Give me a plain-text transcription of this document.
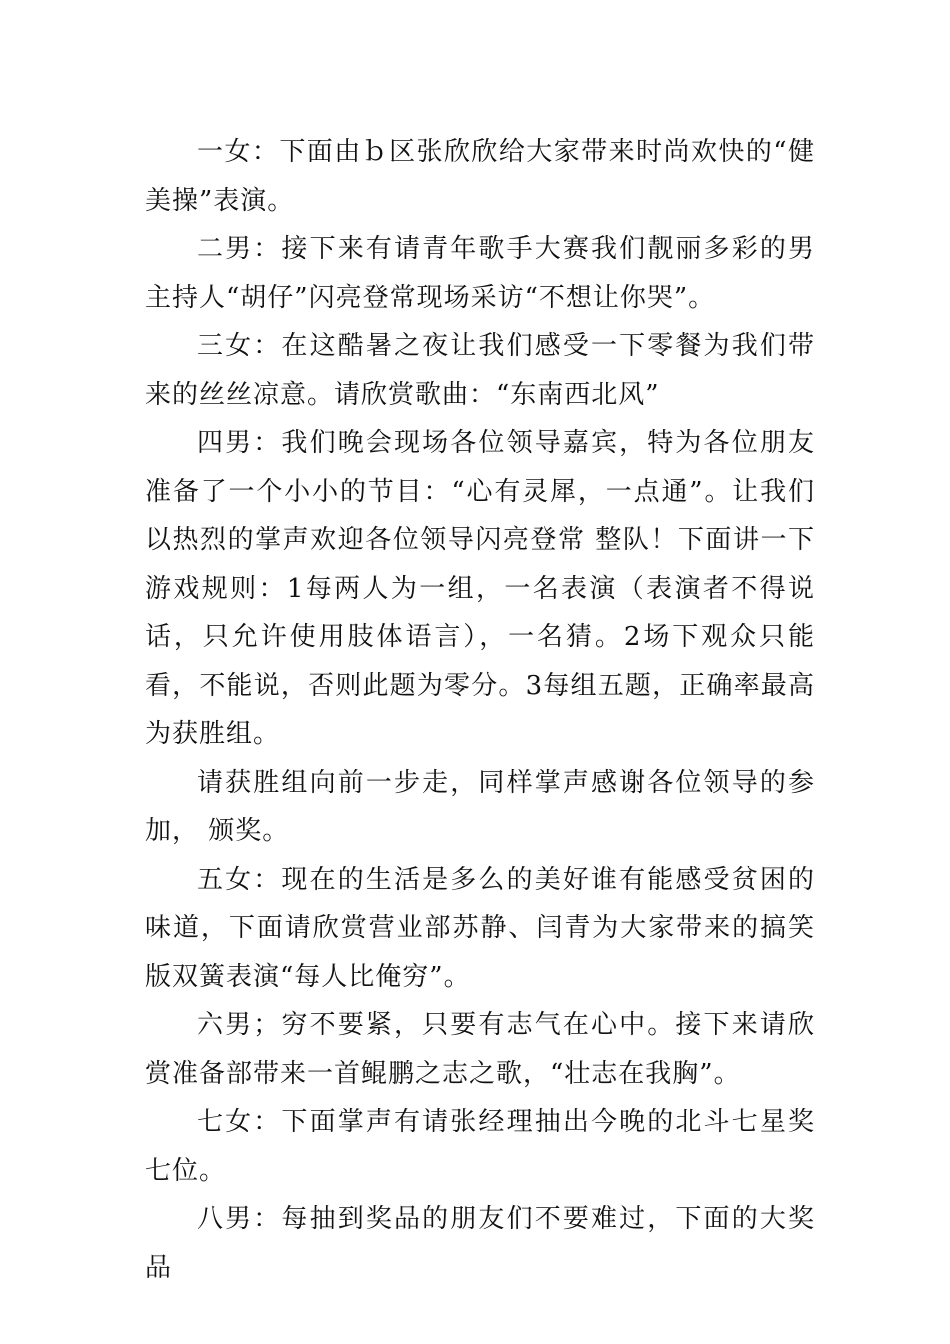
一女：下面由ｂ区张欣欣给大家带来时尚欢快的“健美操”表演。

二男：接下来有请青年歌手大赛我们靓丽多彩的男主持人“胡仔”闪亮登常现场采访“不想让你哭”。

三女：在这酷暑之夜让我们感受一下零餐为我们带来的丝丝凉意。请欣赏歌曲：“东南西北风”

四男：我们晚会现场各位领导嘉宾，特为各位朋友准备了一个小小的节目：“心有灵犀，一点通”。让我们以热烈的掌声欢迎各位领导闪亮登常 整队！下面讲一下游戏规则：1每两人为一组，一名表演（表演者不得说话，只允许使用肢体语言），一名猜。2场下观众只能看，不能说，否则此题为零分。3每组五题，正确率最高为获胜组。

请获胜组向前一步走，同样掌声感谢各位领导的参加， 颁奖。

五女：现在的生活是多么的美好谁有能感受贫困的味道，下面请欣赏营业部苏静、闫青为大家带来的搞笑版双簧表演“每人比俺穷”。

六男；穷不要紧，只要有志气在心中。接下来请欣赏准备部带来一首鲲鹏之志之歌，“壮志在我胸”。

七女：下面掌声有请张经理抽出今晚的北斗七星奖七位。

八男：每抽到奖品的朋友们不要难过，下面的大奖品
